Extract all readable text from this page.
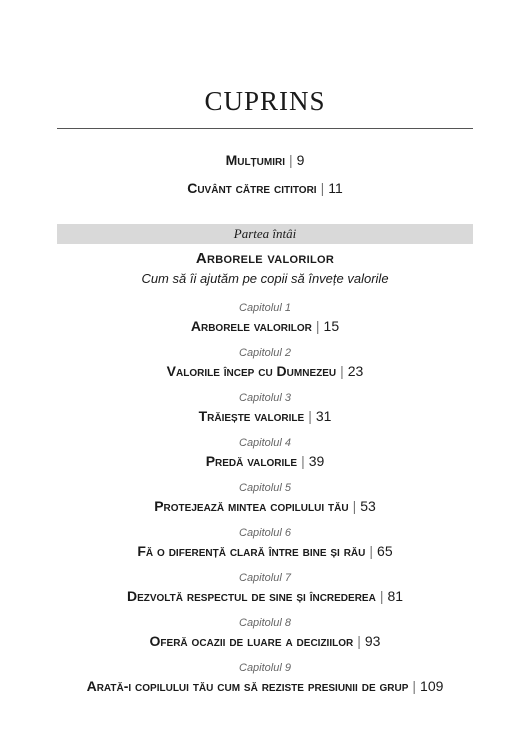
CUPRINS
Mulțumiri | 9
Cuvânt către cititori | 11
Partea întâi
Arborele valorilor
Cum să îi ajutăm pe copii să învețe valorile
Capitolul 1
Arborele valorilor | 15
Capitolul 2
Valorile încep cu Dumnezeu | 23
Capitolul 3
Trăiește valorile | 31
Capitolul 4
Predă valorile | 39
Capitolul 5
Protejează mintea copilului tău | 53
Capitolul 6
Fă o diferență clară între bine și rău | 65
Capitolul 7
Dezvoltă respectul de sine și încrederea | 81
Capitolul 8
Oferă ocazii de luare a deciziilor | 93
Capitolul 9
Arată-i copilului tău cum să reziste presiunii de grup | 109
